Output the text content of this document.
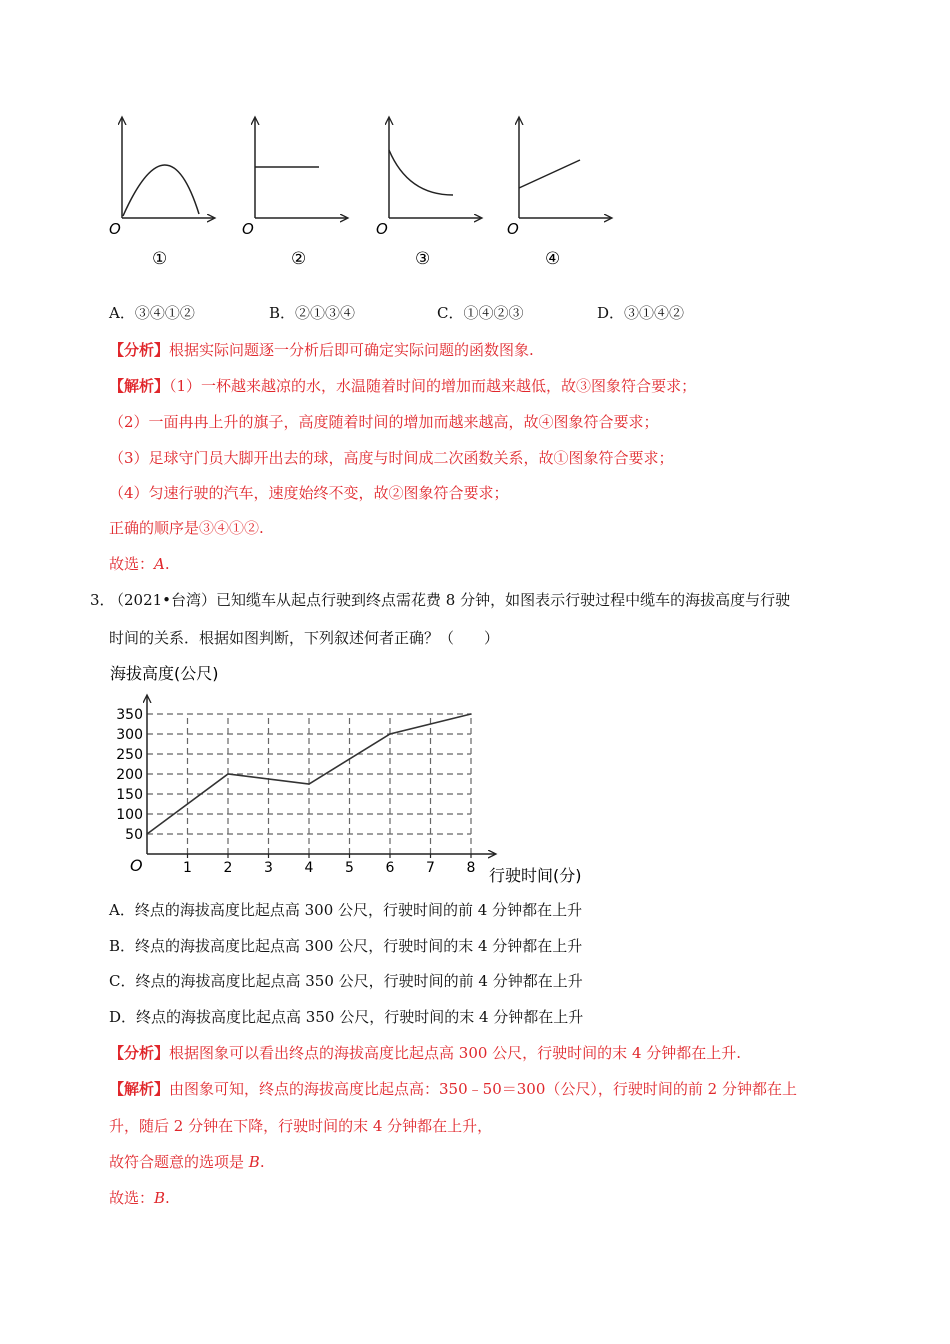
O
①
O
②
O
③
O
④
A．③④①②	B．②①③④	C．①④②③	D．③①④②
【分析】根据实际问题逐一分析后即可确定实际问题的函数图象.
【解析】（1）一杯越来越凉的水，水温随着时间的增加而越来越低，故③图象符合要求；
（2）一面冉冉上升的旗子，高度随着时间的增加而越来越高，故④图象符合要求；
（3）足球守门员大脚开出去的球，高度与时间成二次函数关系，故①图象符合要求；
（4）匀速行驶的汽车，速度始终不变，故②图象符合要求；
正确的顺序是③④①②.
故选：A.
3．
（2021•台湾）已知缆车从起点行驶到终点需花费 8 分钟，如图表示行驶过程中缆车的海拔高度与行驶
时间的关系．根据如图判断，下列叙述何者正确？（　　）
海拔高度(公尺)
行驶时间(分)
O	1 2 3 4 5 6 7 8
50
100
150
200
250
300
350
A．终点的海拔高度比起点高 300 公尺，行驶时间的前 4 分钟都在上升
B．终点的海拔高度比起点高 300 公尺，行驶时间的末 4 分钟都在上升
C．终点的海拔高度比起点高 350 公尺，行驶时间的前 4 分钟都在上升
D．终点的海拔高度比起点高 350 公尺，行驶时间的末 4 分钟都在上升
【分析】根据图象可以看出终点的海拔高度比起点高 300 公尺，行驶时间的末 4 分钟都在上升.
【解析】由图象可知，终点的海拔高度比起点高：350﹣50＝300（公尺），行驶时间的前 2 分钟都在上
升，随后 2 分钟在下降，行驶时间的末 4 分钟都在上升，
故符合题意的选项是 B.
故选：B.
